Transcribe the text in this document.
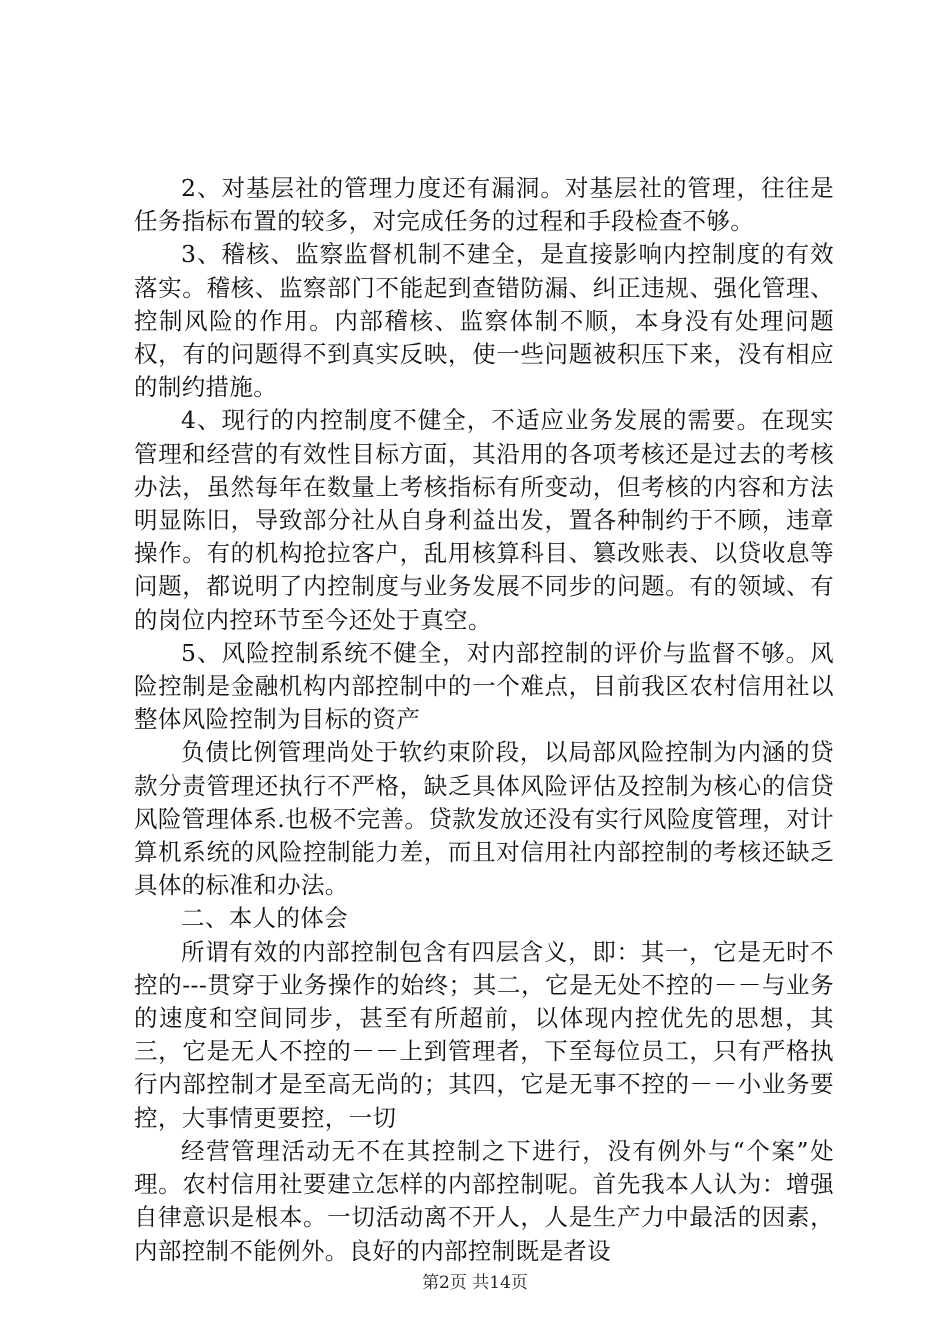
2、对基层社的管理力度还有漏洞。对基层社的管理，往往是任务指标布置的较多，对完成任务的过程和手段检查不够。

3、稽核、监察监督机制不建全，是直接影响内控制度的有效落实。稽核、监察部门不能起到查错防漏、纠正违规、强化管理、控制风险的作用。内部稽核、监察体制不顺，本身没有处理问题权，有的问题得不到真实反映，使一些问题被积压下来，没有相应的制约措施。

4、现行的内控制度不健全，不适应业务发展的需要。在现实管理和经营的有效性目标方面，其沿用的各项考核还是过去的考核办法，虽然每年在数量上考核指标有所变动，但考核的内容和方法明显陈旧，导致部分社从自身利益出发，置各种制约于不顾，违章操作。有的机构抢拉客户，乱用核算科目、篡改账表、以贷收息等问题，都说明了内控制度与业务发展不同步的问题。有的领域、有的岗位内控环节至今还处于真空。

5、风险控制系统不健全，对内部控制的评价与监督不够。风险控制是金融机构内部控制中的一个难点，目前我区农村信用社以整体风险控制为目标的资产

负债比例管理尚处于软约束阶段，以局部风险控制为内涵的贷款分责管理还执行不严格，缺乏具体风险评估及控制为核心的信贷风险管理体系.也极不完善。贷款发放还没有实行风险度管理，对计算机系统的风险控制能力差，而且对信用社内部控制的考核还缺乏具体的标准和办法。

二、本人的体会

所谓有效的内部控制包含有四层含义，即：其一，它是无时不控的---贯穿于业务操作的始终；其二，它是无处不控的－－与业务的速度和空间同步，甚至有所超前，以体现内控优先的思想，其三，它是无人不控的－－上到管理者，下至每位员工，只有严格执行内部控制才是至高无尚的；其四，它是无事不控的－－小业务要控，大事情更要控，一切

经营管理活动无不在其控制之下进行，没有例外与“个案”处理。农村信用社要建立怎样的内部控制呢。首先我本人认为：增强自律意识是根本。一切活动离不开人，人是生产力中最活的因素，内部控制不能例外。良好的内部控制既是者设

第2页 共14页
